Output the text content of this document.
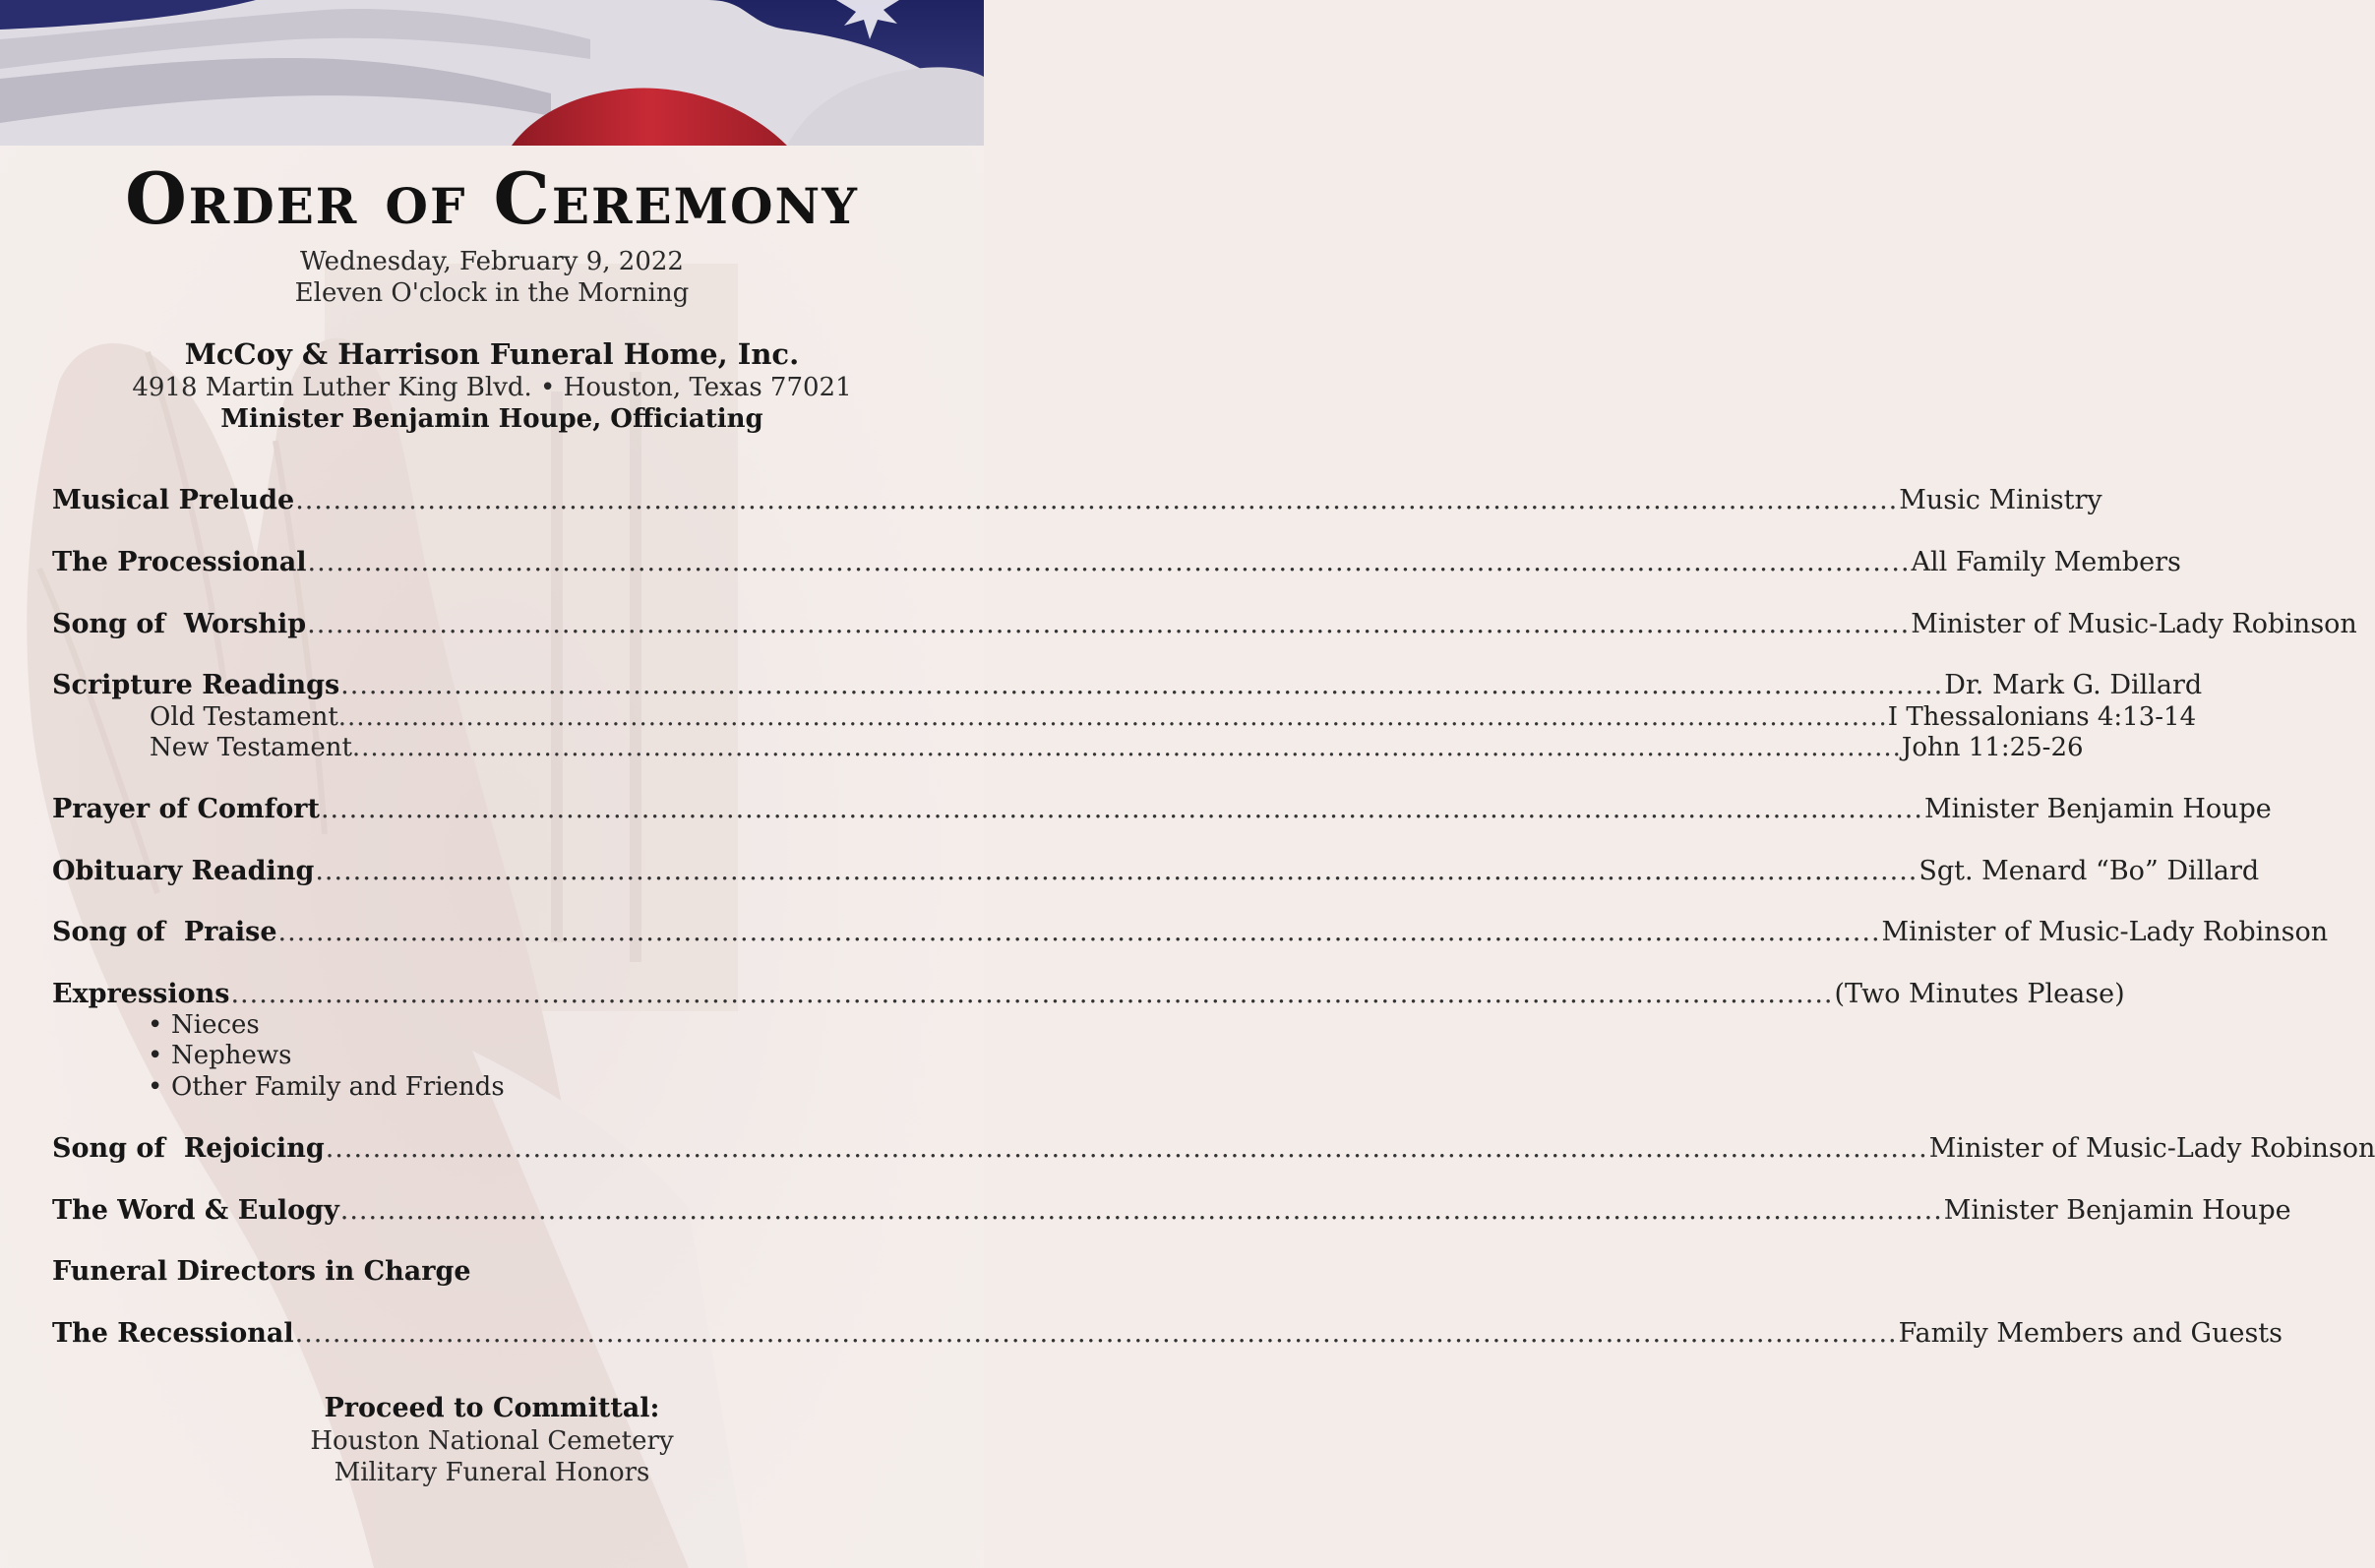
Order of Ceremony
Wednesday, February 9, 2022
Eleven O'clock in the Morning
McCoy & Harrison Funeral Home, Inc.
4918 Martin Luther King Blvd. • Houston, Texas 77021
Minister Benjamin Houpe, Officiating
Musical Prelude .......................................................................................................................................................................... Music Ministry
The Processional .......................................................................................................................................................................... All Family Members
Song of  Worship .......................................................................................................................................................................... Minister of Music-Lady Robinson
Scripture Readings .......................................................................................................................................................................... Dr. Mark G. Dillard
Old Testament .......................................................................................................................................................................... I Thessalonians 4:13-14
New Testament .......................................................................................................................................................................... John 11:25-26
Prayer of Comfort .......................................................................................................................................................................... Minister Benjamin Houpe
Obituary Reading .......................................................................................................................................................................... Sgt. Menard “Bo” Dillard
Song of  Praise .......................................................................................................................................................................... Minister of Music-Lady Robinson
Expressions .......................................................................................................................................................................... (Two Minutes Please)
• Nieces
• Nephews
• Other Family and Friends
Song of  Rejoicing .......................................................................................................................................................................... Minister of Music-Lady Robinson
The Word & Eulogy .......................................................................................................................................................................... Minister Benjamin Houpe
Funeral Directors in Charge
The Recessional .......................................................................................................................................................................... Family Members and Guests
Proceed to Committal:
Houston National Cemetery
Military Funeral Honors
